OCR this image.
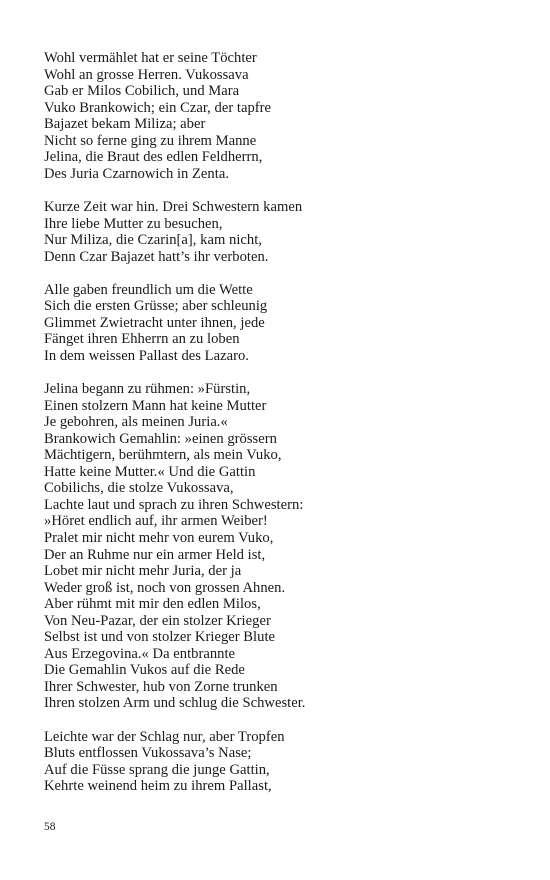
Wohl vermählet hat er seine Töchter
Wohl an grosse Herren. Vukossava
Gab er Milos Cobilich, und Mara
Vuko Brankowich; ein Czar, der tapfre
Bajazet bekam Miliza; aber
Nicht so ferne ging zu ihrem Manne
Jelina, die Braut des edlen Feldherrn,
Des Juria Czarnowich in Zenta.
Kurze Zeit war hin. Drei Schwestern kamen
Ihre liebe Mutter zu besuchen,
Nur Miliza, die Czarin[a], kam nicht,
Denn Czar Bajazet hatt’s ihr verboten.
Alle gaben freundlich um die Wette
Sich die ersten Grüsse; aber schleunig
Glimmet Zwietracht unter ihnen, jede
Fänget ihren Ehherrn an zu loben
In dem weissen Pallast des Lazaro.
Jelina begann zu rühmen: »Fürstin,
Einen stolzern Mann hat keine Mutter
Je gebohren, als meinen Juria.«
Brankowich Gemahlin: »einen grössern
Mächtigern, berühmtern, als mein Vuko,
Hatte keine Mutter.« Und die Gattin
Cobilichs, die stolze Vukossava,
Lachte laut und sprach zu ihren Schwestern:
»Höret endlich auf, ihr armen Weiber!
Pralet mir nicht mehr von eurem Vuko,
Der an Ruhme nur ein armer Held ist,
Lobet mir nicht mehr Juria, der ja
Weder groß ist, noch von grossen Ahnen.
Aber rühmt mit mir den edlen Milos,
Von Neu-Pazar, der ein stolzer Krieger
Selbst ist und von stolzer Krieger Blute
Aus Erzegovina.« Da entbrannte
Die Gemahlin Vukos auf die Rede
Ihrer Schwester, hub von Zorne trunken
Ihren stolzen Arm und schlug die Schwester.
Leichte war der Schlag nur, aber Tropfen
Bluts entflossen Vukossava’s Nase;
Auf die Füsse sprang die junge Gattin,
Kehrte weinend heim zu ihrem Pallast,
58
